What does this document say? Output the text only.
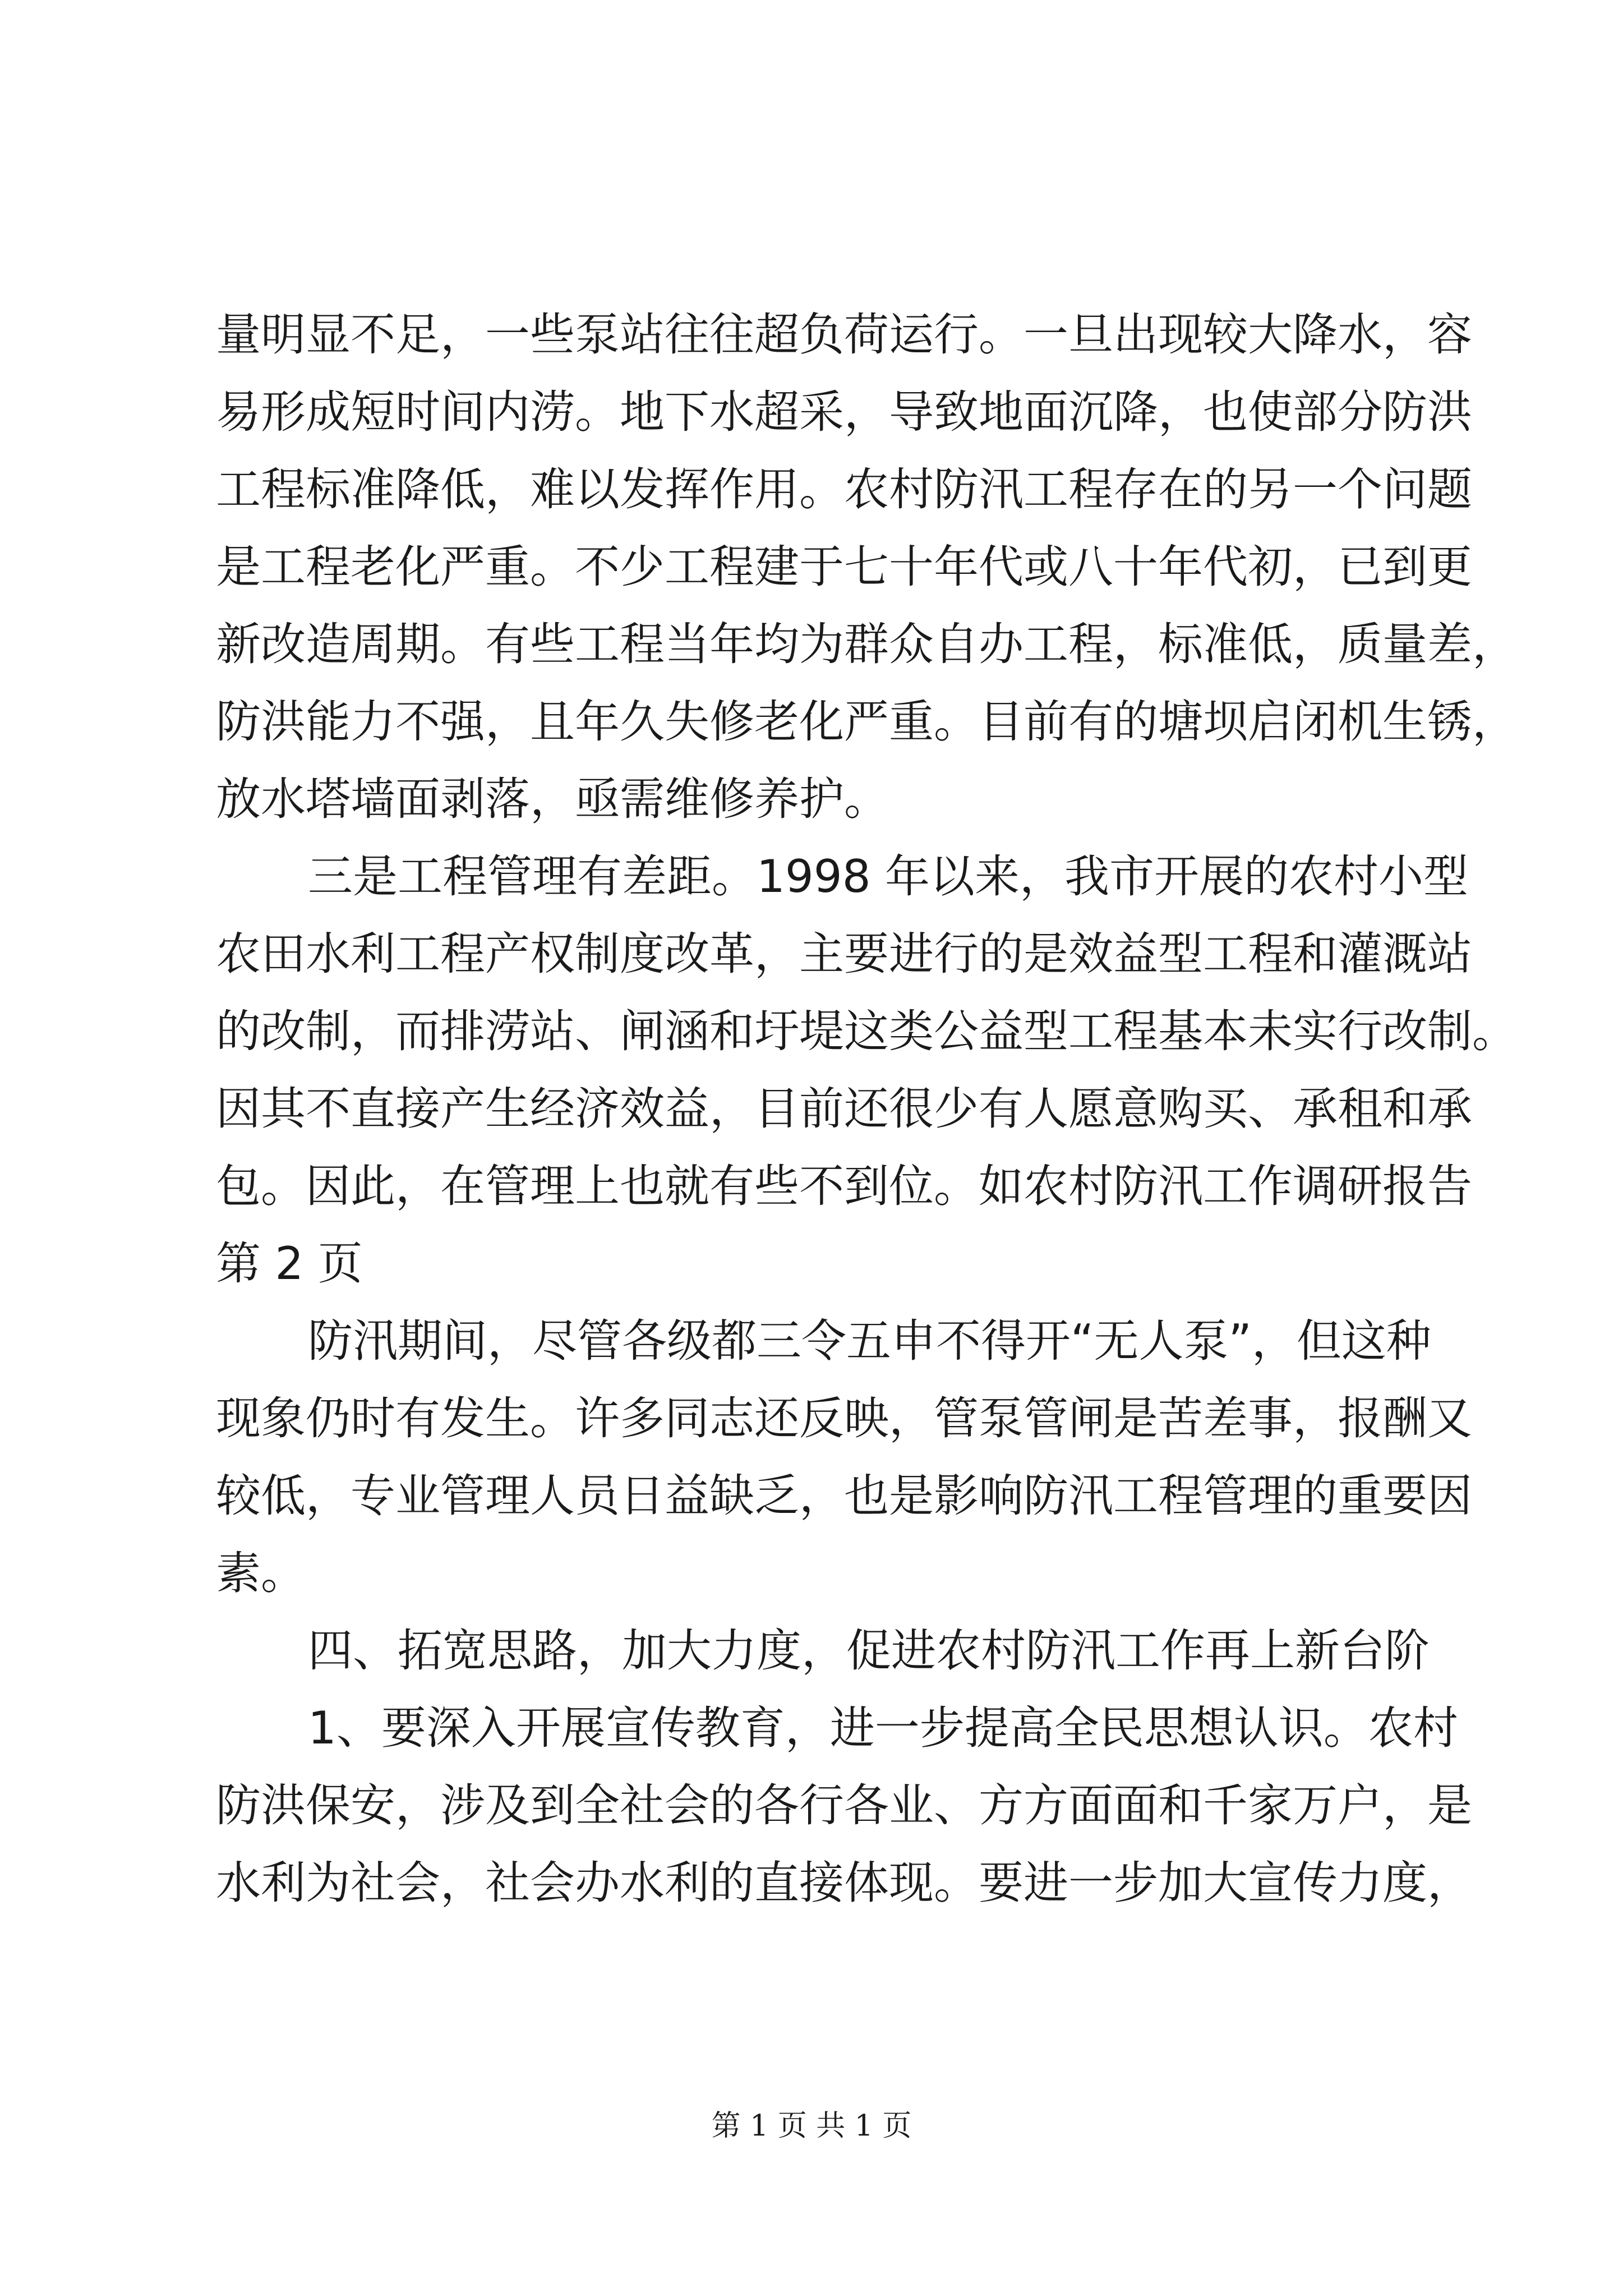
量明显不足，一些泵站往往超负荷运行。一旦出现较大降水，容
易形成短时间内涝。地下水超采，导致地面沉降，也使部分防洪
工程标准降低，难以发挥作用。农村防汛工程存在的另一个问题
是工程老化严重。不少工程建于七十年代或八十年代初，已到更
新改造周期。有些工程当年均为群众自办工程，标准低，质量差，
防洪能力不强，且年久失修老化严重。目前有的塘坝启闭机生锈，
放水塔墙面剥落，亟需维修养护。
三是工程管理有差距。1998 年以来，我市开展的农村小型
农田水利工程产权制度改革，主要进行的是效益型工程和灌溉站
的改制，而排涝站、闸涵和圩堤这类公益型工程基本未实行改制。
因其不直接产生经济效益，目前还很少有人愿意购买、承租和承
包。因此，在管理上也就有些不到位。如农村防汛工作调研报告
第 2 页
防汛期间，尽管各级都三令五申不得开“无人泵”，但这种
现象仍时有发生。许多同志还反映，管泵管闸是苦差事，报酬又
较低，专业管理人员日益缺乏，也是影响防汛工程管理的重要因
素。
四、拓宽思路，加大力度，促进农村防汛工作再上新台阶
1、要深入开展宣传教育，进一步提高全民思想认识。农村
防洪保安，涉及到全社会的各行各业、方方面面和千家万户，是
水利为社会，社会办水利的直接体现。要进一步加大宣传力度，
第 1 页 共 1 页
